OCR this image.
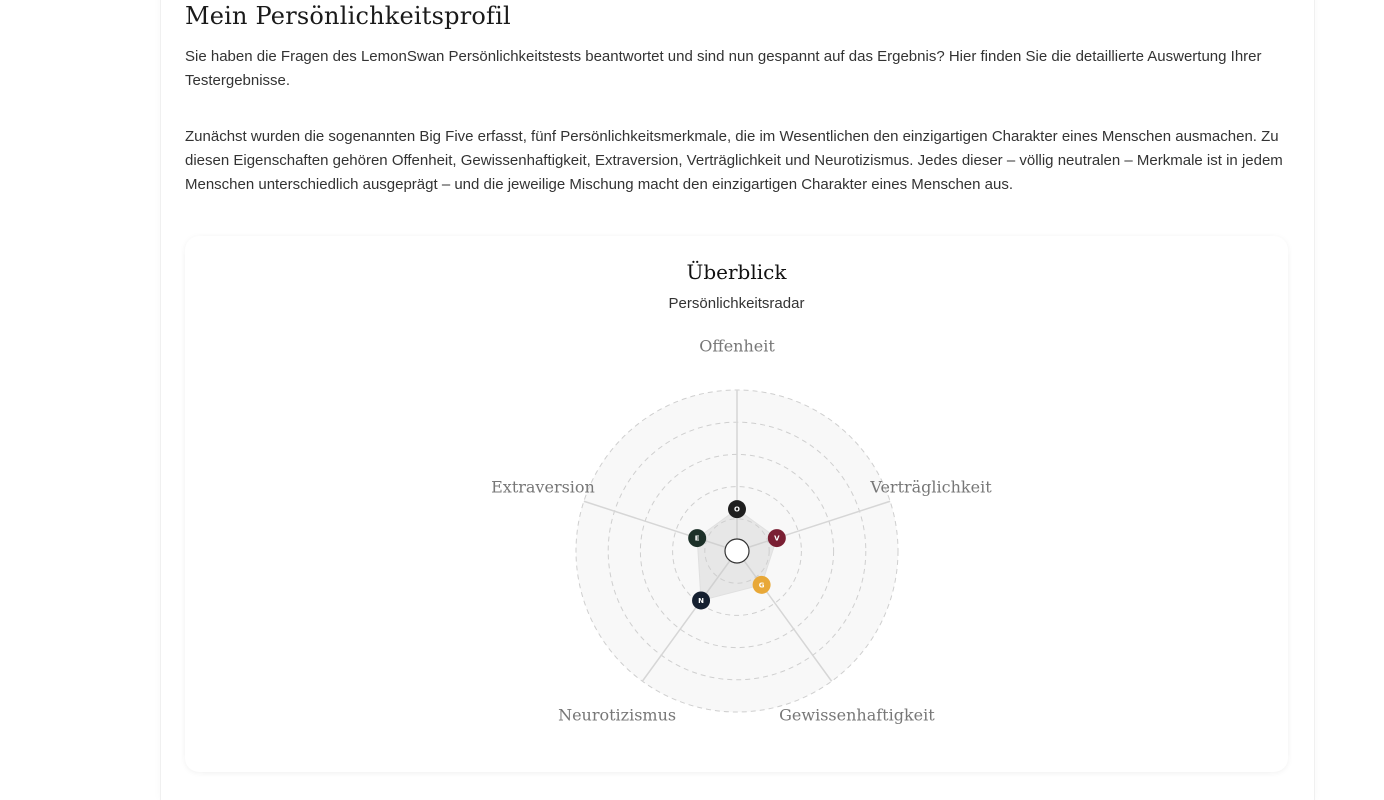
Mein Persönlichkeitsprofil

Sie haben die Fragen des LemonSwan Persönlichkeitstests beantwortet und sind nun gespannt auf das Ergebnis? Hier finden Sie die detaillierte Auswertung Ihrer Testergebnisse.

Zunächst wurden die sogenannten Big Five erfasst, fünf Persönlichkeitsmerkmale, die im Wesentlichen den einzigartigen Charakter eines Menschen ausmachen. Zu diesen Eigenschaften gehören Offenheit, Gewissenhaftigkeit, Extraversion, Verträglichkeit und Neurotizismus. Jedes dieser – völlig neutralen – Merkmale ist in jedem Menschen unterschiedlich ausgeprägt – und die jeweilige Mischung macht den einzigartigen Charakter eines Menschen aus.

Überblick
Persönlichkeitsradar
Offenheit
Verträglichkeit
Gewissenhaftigkeit
Neurotizismus
Extraversion
O
V
G
N
E
